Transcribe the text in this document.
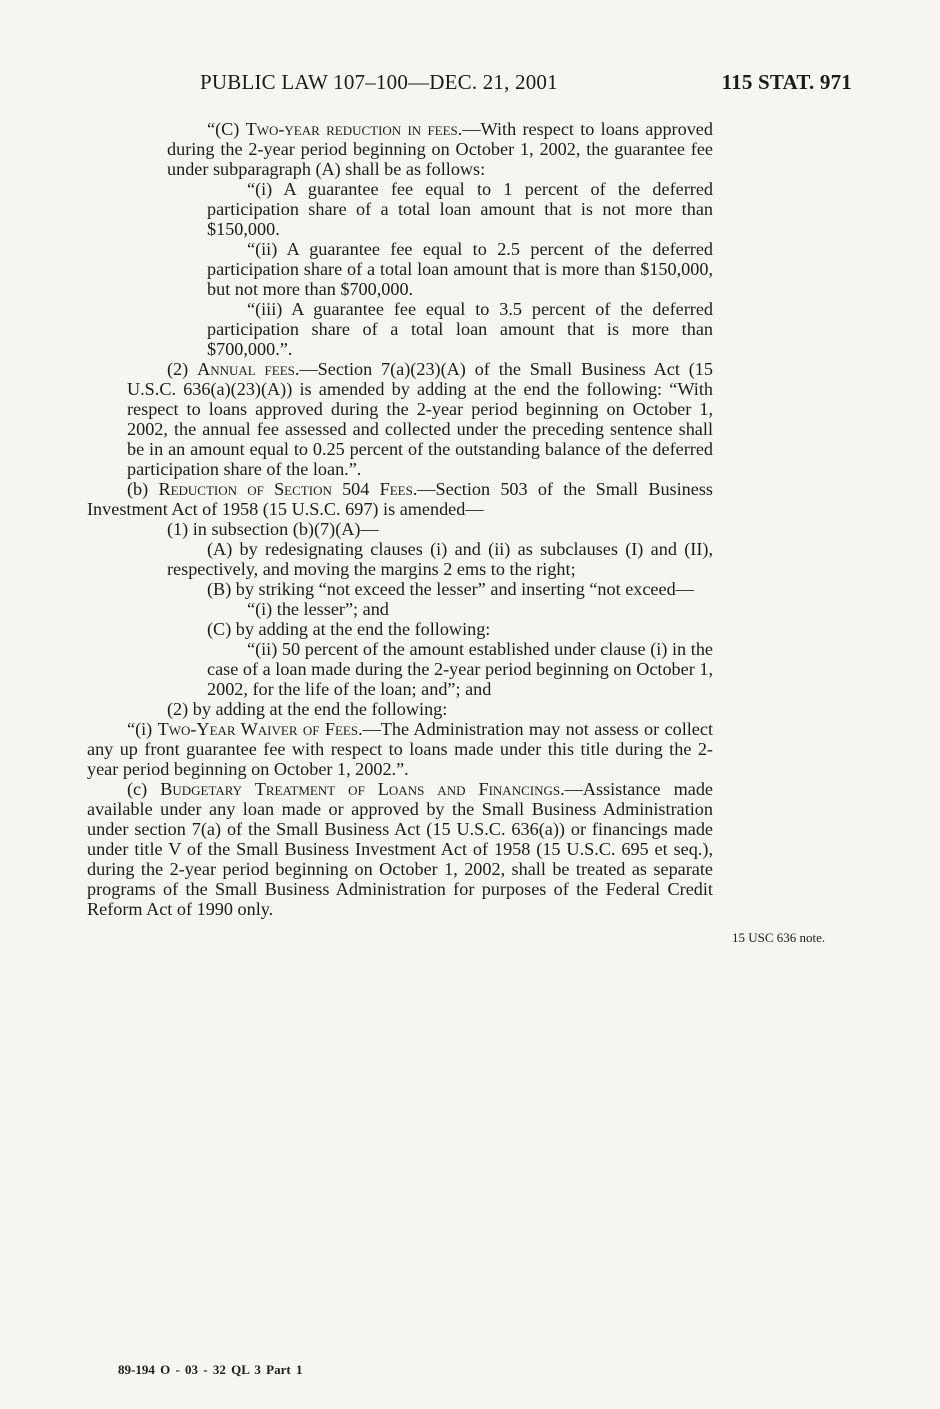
PUBLIC LAW 107–100—DEC. 21, 2001	115 STAT. 971

“(C) Two-year reduction in fees.—With respect to loans approved during the 2-year period beginning on October 1, 2002, the guarantee fee under subparagraph (A) shall be as follows:

“(i) A guarantee fee equal to 1 percent of the deferred participation share of a total loan amount that is not more than $150,000.

“(ii) A guarantee fee equal to 2.5 percent of the deferred participation share of a total loan amount that is more than $150,000, but not more than $700,000.

“(iii) A guarantee fee equal to 3.5 percent of the deferred participation share of a total loan amount that is more than $700,000.”.

(2) Annual fees.—Section 7(a)(23)(A) of the Small Business Act (15 U.S.C. 636(a)(23)(A)) is amended by adding at the end the following: “With respect to loans approved during the 2-year period beginning on October 1, 2002, the annual fee assessed and collected under the preceding sentence shall be in an amount equal to 0.25 percent of the outstanding balance of the deferred participation share of the loan.”.

(b) Reduction of Section 504 Fees.—Section 503 of the Small Business Investment Act of 1958 (15 U.S.C. 697) is amended—

(1) in subsection (b)(7)(A)—

(A) by redesignating clauses (i) and (ii) as subclauses (I) and (II), respectively, and moving the margins 2 ems to the right;

(B) by striking “not exceed the lesser” and inserting “not exceed—

“(i) the lesser”; and

(C) by adding at the end the following:

“(ii) 50 percent of the amount established under clause (i) in the case of a loan made during the 2-year period beginning on October 1, 2002, for the life of the loan; and”; and

(2) by adding at the end the following:

“(i) Two-Year Waiver of Fees.—The Administration may not assess or collect any up front guarantee fee with respect to loans made under this title during the 2-year period beginning on October 1, 2002.”.

(c) Budgetary Treatment of Loans and Financings.—Assistance made available under any loan made or approved by the Small Business Administration under section 7(a) of the Small Business Act (15 U.S.C. 636(a)) or financings made under title V of the Small Business Investment Act of 1958 (15 U.S.C. 695 et seq.), during the 2-year period beginning on October 1, 2002, shall be treated as separate programs of the Small Business Administration for purposes of the Federal Credit Reform Act of 1990 only.

15 USC 636 note.
89-194 O - 03 - 32 QL 3 Part 1
